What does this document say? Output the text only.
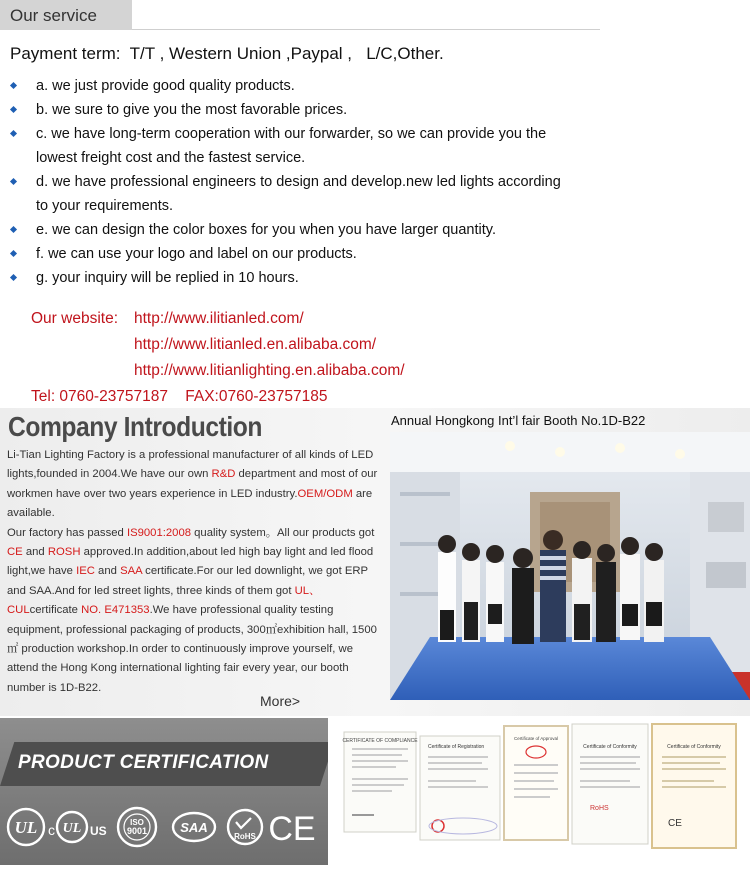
Our service
Payment term:  T/T , Western Union ,Paypal ,   L/C,Other.
a. we just provide good quality products.
b. we sure to give you the most favorable prices.
c. we have long-term cooperation with our forwarder, so we can provide you the
lowest freight cost and the fastest service.
d. we have professional engineers to design and develop.new led lights according
to your requirements.
e. we can design the color boxes for you when you have larger quantity.
f. we can use your logo and label on our products.
g. your inquiry will be replied in 10 hours.
Our website: http://www.ilitianled.com/
http://www.litianled.en.alibaba.com/
http://www.litianlighting.en.alibaba.com/
Tel: 0760-23757187    FAX:0760-23757185
Company Introduction
Li-Tian Lighting Factory is a professional manufacturer of all kinds of LED lights,founded in 2004.We have our own R&D department and most of our workmen have over two years experience in LED industry.OEM/ODM are available.
Our factory has passed IS9001:2008 quality system。All our products got CE and ROSH approved.In addition,about led high bay light and led flood light,we have IEC and SAA certificate.For our led downlight, we got ERP and SAA.And for led street lights, three kinds of them got UL、CULcertificate NO. E471353.We have professional quality testing equipment, professional packaging of products, 300㎡exhibition hall, 1500㎡ production workshop.In order to continuously improve yourself, we attend the Hong Kong international lighting fair every year, our booth number is 1D-B22.
More>
Annual Hongkong Int’l fair Booth No.1D-B22
PRODUCT CERTIFICATION
UL c UL US
ISO
9001	SAA
RoHS CE
CERTIFICATE OF COMPLIANCE
Certificate of Registration
Certificate of Approval
Certificate of Conformity
RoHS
Certificate of Conformity
CE
